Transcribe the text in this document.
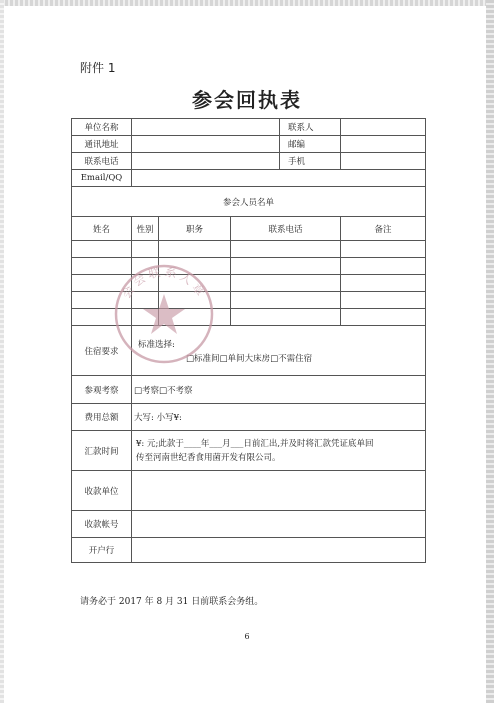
附件 1
参会回执表
单位名称				联系人	
通讯地址				邮编	
联系电话				手机	
Email/QQ					
参会人员名单					
姓名	性别	职务	联系电话		备注

住宿要求	标准选择:
□标准间□单间大床房□不需住宿				

参观考察	□考察□不考察				
费用总额	大写: 小写¥:				
汇款时间	¥: 元;此款于____年___月___日前汇出,并及时将汇款凭证底单回
传至河南世纪香食用菌开发有限公司。				

收款单位					
收款帐号					
开户行					
请务必于 2017 年 8 月 31 日前联系会务组。
6
会会联系人章
